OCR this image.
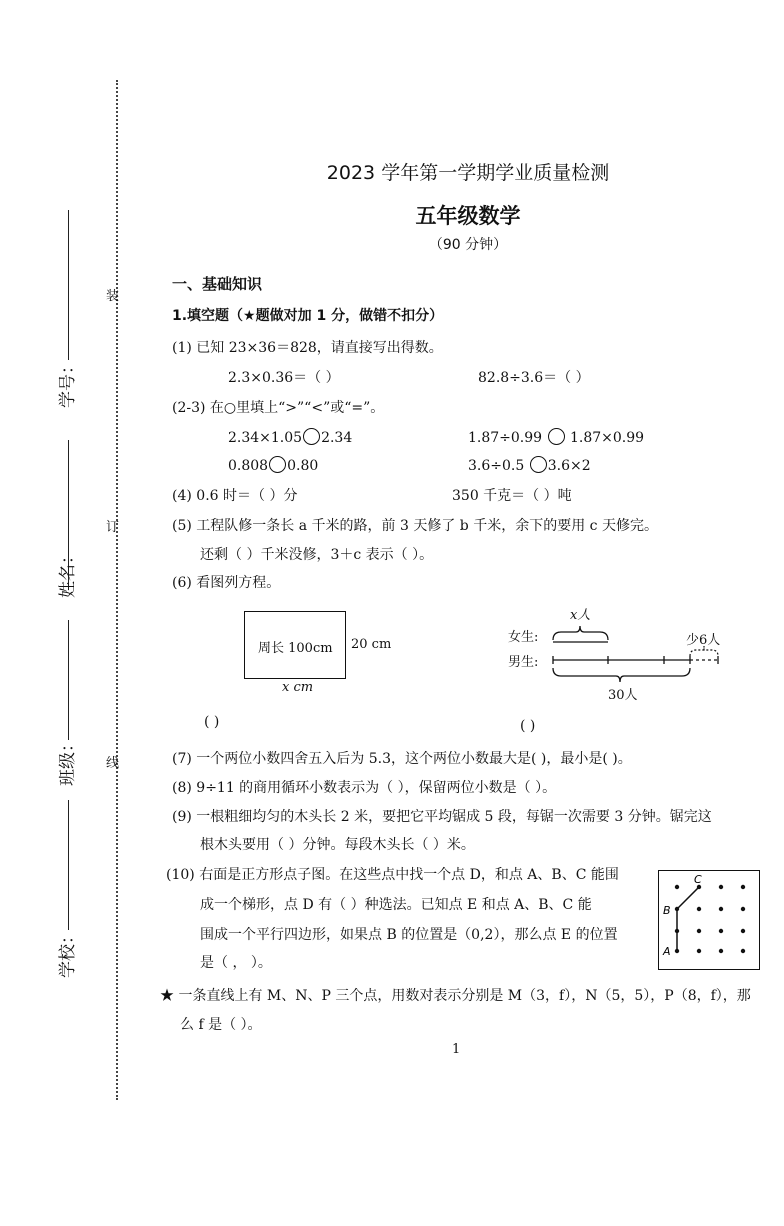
装
订
线
学号：
姓名：
班级：
学校：
2023 学年第一学期学业质量检测
五年级数学
（90 分钟）
一、基础知识
1.填空题（★题做对加 1 分，做错不扣分）
(1) 已知 23×36＝828，请直接写出得数。
2.3×0.36＝（ ）	82.8÷3.6＝（ ）
(2-3) 在○里填上“>”“<”或“=”。
2.34×1.05 2.34	1.87÷0.99 1.87×0.99
0.808 0.80	3.6÷0.5 3.6×2
(4) 0.6 时＝（ ）分	350 千克＝（ ）吨
(5) 工程队修一条长 a 千米的路，前 3 天修了 b 千米，余下的要用 c 天修完。
还剩（ ）千米没修，3＋c 表示（ ）。
(6) 看图列方程。
周长 100cm 20 cm
x cm
女生:
男生:
x人
少6人
30人
( )	( )
(7) 一个两位小数四舍五入后为 5.3，这个两位小数最大是( )，最小是( )。
(8) 9÷11 的商用循环小数表示为（ ），保留两位小数是（ ）。
(9) 一根粗细均匀的木头长 2 米，要把它平均锯成 5 段，每锯一次需要 3 分钟。锯完这
根木头要用（ ）分钟。每段木头长（ ）米。
(10) 右面是正方形点子图。在这些点中找一个点 D，和点 A、B、C 能围
成一个梯形，点 D 有（ ）种选法。已知点 E 和点 A、B、C 能
围成一个平行四边形，如果点 B 的位置是（0,2），那么点 E 的位置
是（ ， ）。
C
B
A
★ 一条直线上有 M、N、P 三个点，用数对表示分别是 M（3，f），N（5，5），P（8，f），那
么 f 是（ ）。
1
